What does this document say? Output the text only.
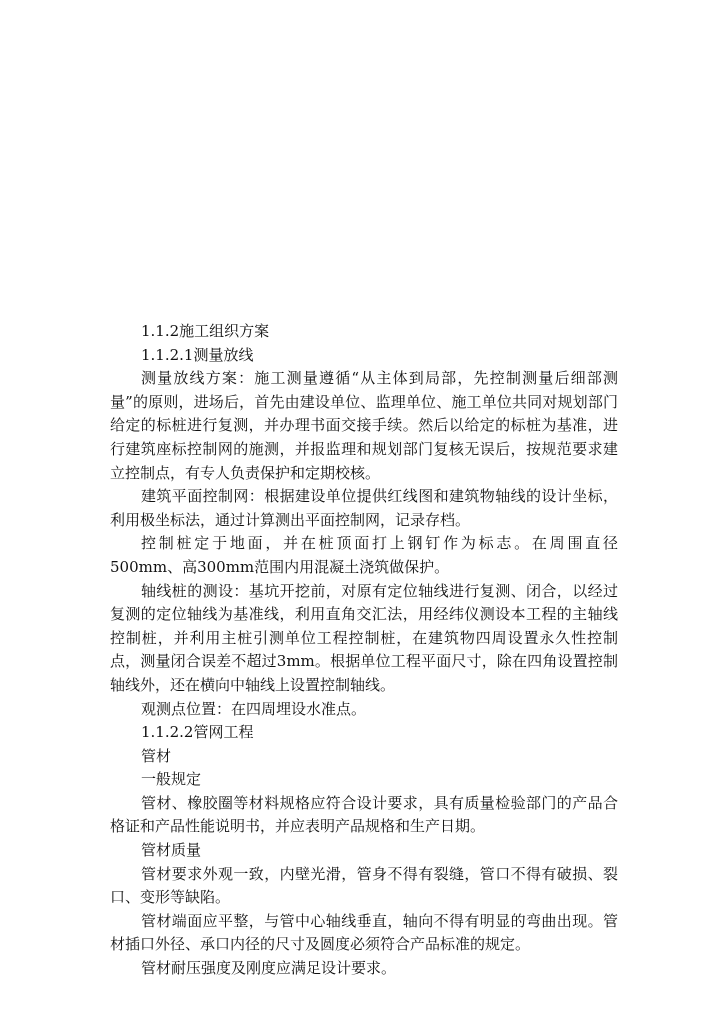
1.1.2施工组织方案

1.1.2.1测量放线

测量放线方案：施工测量遵循“从主体到局部，先控制测量后细部测量”的原则，进场后，首先由建设单位、监理单位、施工单位共同对规划部门给定的标桩进行复测，并办理书面交接手续。然后以给定的标桩为基准，进行建筑座标控制网的施测，并报监理和规划部门复核无误后，按规范要求建立控制点，有专人负责保护和定期校核。

建筑平面控制网：根据建设单位提供红线图和建筑物轴线的设计坐标，利用极坐标法，通过计算测出平面控制网，记录存档。

控制桩定于地面，并在桩顶面打上钢钉作为标志。在周围直径500mm、高300mm范围内用混凝土浇筑做保护。

轴线桩的测设：基坑开挖前，对原有定位轴线进行复测、闭合，以经过复测的定位轴线为基准线，利用直角交汇法，用经纬仪测设本工程的主轴线控制桩，并利用主桩引测单位工程控制桩，在建筑物四周设置永久性控制点，测量闭合误差不超过3mm。根据单位工程平面尺寸，除在四角设置控制轴线外，还在横向中轴线上设置控制轴线。

观测点位置：在四周埋设水准点。

1.1.2.2管网工程

管材

一般规定

管材、橡胶圈等材料规格应符合设计要求，具有质量检验部门的产品合格证和产品性能说明书，并应表明产品规格和生产日期。

管材质量

管材要求外观一致，内壁光滑，管身不得有裂缝，管口不得有破损、裂口、变形等缺陷。

管材端面应平整，与管中心轴线垂直，轴向不得有明显的弯曲出现。管材插口外径、承口内径的尺寸及圆度必须符合产品标准的规定。

管材耐压强度及刚度应满足设计要求。
